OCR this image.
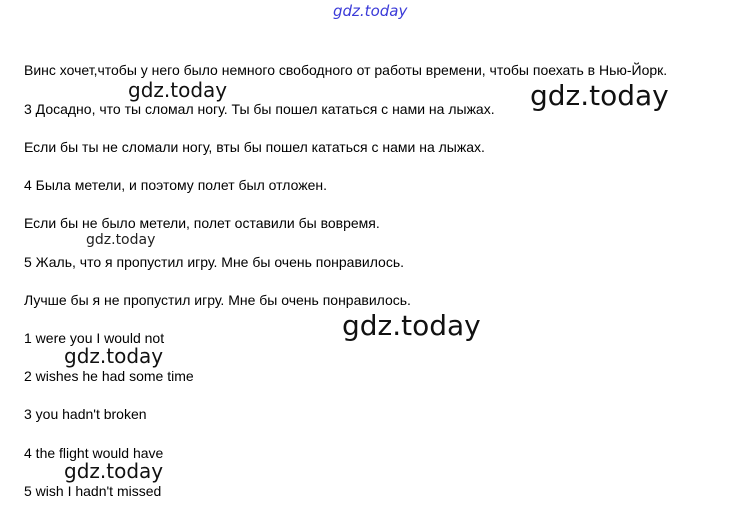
gdz.today
Винс хочет,чтобы у него было немного свободного от работы времени, чтобы поехать в Нью-Йорк.
3 Досадно, что ты сломал ногу. Ты бы пошел кататься с нами на лыжах.
Если бы ты не сломали ногу, вты бы пошел кататься с нами на лыжах.
4 Была метели, и поэтому полет был отложен.
Если бы не было метели, полет оставили бы вовремя.
5 Жаль, что я пропустил игру. Мне бы очень понравилось.
Лучше бы я не пропустил игру. Мне бы очень понравилось.
1 were you I would not
2 wishes he had some time
3 you hadn't broken
4 the flight would have
5 wish I hadn't missed
gdz.today	gdz.today
gdz.today
gdz.today
gdz.today
gdz.today
